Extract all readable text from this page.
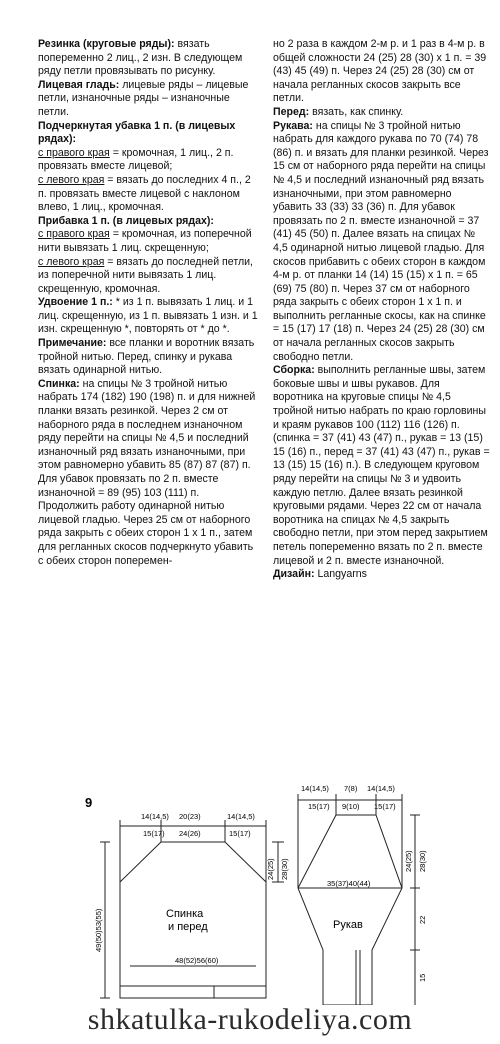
Резинка (круговые ряды): вязать попеременно 2 лиц., 2 изн. В следующем ряду петли провязывать по рисунку.

Лицевая гладь: лицевые ряды – лицевые петли, изнаночные ряды – изнаночные петли.

Подчеркнутая убавка 1 п. (в лицевых рядах):

с правого края = кромочная, 1 лиц., 2 п. провязать вместе лицевой;

с левого края = вязать до последних 4 п., 2 п. провязать вместе лицевой с наклоном влево, 1 лиц., кромочная.

Прибавка 1 п. (в лицевых рядах):

с правого края = кромочная, из поперечной нити вывязать 1 лиц. скрещенную;

с левого края = вязать до последней петли, из поперечной нити вывязать 1 лиц. скрещенную, кромочная.

Удвоение 1 п.: * из 1 п. вывязать 1 лиц. и 1 лиц. скрещенную, из 1 п. вывязать 1 изн. и 1 изн. скрещенную *, повторять от * до *.

Примечание: все планки и воротник вязать тройной нитью. Перед, спинку и рукава вязать одинарной нитью.

Спинка: на спицы № 3 тройной нитью набрать 174 (182) 190 (198) п. и для нижней планки вязать резинкой. Через 2 см от наборного ряда в последнем изнаночном ряду перейти на спицы № 4,5 и последний изнаночный ряд вязать изнаночными, при этом равномерно убавить 85 (87) 87 (87) п. Для убавок провязать по 2 п. вместе изнаночной = 89 (95) 103 (111) п. Продолжить работу одинарной нитью лицевой гладью. Через 25 см от наборного ряда закрыть с обеих сторон 1 х 1 п., затем для регланных скосов подчеркнуто убавить с обеих сторон поперемен-

но 2 раза в каждом 2-м р. и 1 раз в 4-м р. в общей сложности 24 (25) 28 (30) х 1 п. = 39 (43) 45 (49) п. Через 24 (25) 28 (30) см от начала регланных скосов закрыть все петли.

Перед: вязать, как спинку.

Рукава: на спицы № 3 тройной нитью набрать для каждого рукава по 70 (74) 78 (86) п. и вязать для планки резинкой. Через 15 см от наборного ряда перейти на спицы № 4,5 и последний изнаночный ряд вязать изнаночными, при этом равномерно убавить 33 (33) 33 (36) п. Для убавок провязать по 2 п. вместе изнаночной = 37 (41) 45 (50) п. Далее вязать на спицах № 4,5 одинарной нитью лицевой гладью. Для скосов прибавить с обеих сторон в каждом 4-м р. от планки 14 (14) 15 (15) х 1 п. = 65 (69) 75 (80) п. Через 37 см от наборного ряда закрыть с обеих сторон 1 х 1 п. и выполнить регланные скосы, как на спинке = 15 (17) 17 (18) п. Через 24 (25) 28 (30) см от начала регланных скосов закрыть свободно петли.

Сборка: выполнить регланные швы, затем боковые швы и швы рукавов. Для воротника на круговые спицы № 4,5 тройной нитью набрать по краю горловины и краям рукавов 100 (112) 116 (126) п. (спинка = 37 (41) 43 (47) п., рукав = 13 (15) 15 (16) п., перед = 37 (41) 43 (47) п., рукав = 13 (15) 15 (16) п.). В следующем круговом ряду перейти на спицы № 3 и удвоить каждую петлю. Далее вязать резинкой круговыми рядами. Через 22 см от начала воротника на спицах № 4,5 закрыть свободно петли, при этом перед закрытием петель попеременно вязать по 2 п. вместе лицевой и 2 п. вместе изнаночной.

Дизайн: Langyarns

9
14(14,5)
15(17)
20(23)
24(26)
14(14,5)
15(17)
48(52)56(60)
49(50)53(55)
24(25) 28(30)
Спинка
и перед
14(14,5)
15(17)
7(8)
9(10)
14(14,5)
15(17)
35(37)40(44)
24(25) 28(30)
22
15
Рукав
shkatulka-rukodeliya.com
